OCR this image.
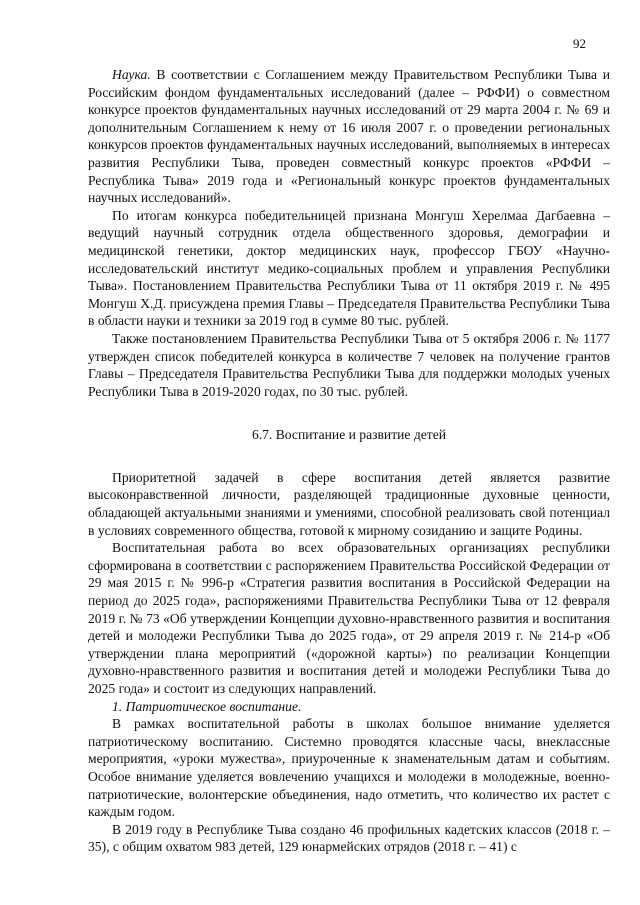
92

Наука. В соответствии с Соглашением между Правительством Республики Тыва и Российским фондом фундаментальных исследований (далее – РФФИ) о совместном конкурсе проектов фундаментальных научных исследований от 29 марта 2004 г. № 69 и дополнительным Соглашением к нему от 16 июля 2007 г. о проведении региональных конкурсов проектов фундаментальных научных исследований, выполняемых в интересах развития Республики Тыва, проведен совместный конкурс проектов «РФФИ – Республика Тыва» 2019 года и «Региональный конкурс проектов фундаментальных научных исследований».

По итогам конкурса победительницей признана Монгуш Херелмаа Дагбаевна – ведущий научный сотрудник отдела общественного здоровья, демографии и медицинской генетики, доктор медицинских наук, профессор ГБОУ «Научно-исследовательский институт медико-социальных проблем и управления Республики Тыва». Постановлением Правительства Республики Тыва от 11 октября 2019 г. № 495 Монгуш Х.Д. присуждена премия Главы – Председателя Правительства Республики Тыва в области науки и техники за 2019 год в сумме 80 тыс. рублей.

Также постановлением Правительства Республики Тыва от 5 октября 2006 г. № 1177 утвержден список победителей конкурса в количестве 7 человек на получение грантов Главы – Председателя Правительства Республики Тыва для поддержки молодых ученых Республики Тыва в 2019-2020 годах, по 30 тыс. рублей.

6.7. Воспитание и развитие детей

Приоритетной задачей в сфере воспитания детей является развитие высоконравственной личности, разделяющей традиционные духовные ценности, обладающей актуальными знаниями и умениями, способной реализовать свой потенциал в условиях современного общества, готовой к мирному созиданию и защите Родины.

Воспитательная работа во всех образовательных организациях республики сформирована в соответствии с распоряжением Правительства Российской Федерации от 29 мая 2015 г. № 996-р «Стратегия развития воспитания в Российской Федерации на период до 2025 года», распоряжениями Правительства Республики Тыва от 12 февраля 2019 г. № 73 «Об утверждении Концепции духовно-нравственного развития и воспитания детей и молодежи Республики Тыва до 2025 года», от 29 апреля 2019 г. № 214-р «Об утверждении плана мероприятий («дорожной карты») по реализации Концепции духовно-нравственного развития и воспитания детей и молодежи Республики Тыва до 2025 года» и состоит из следующих направлений.

1. Патриотическое воспитание.

В рамках воспитательной работы в школах большое внимание уделяется патриотическому воспитанию. Системно проводятся классные часы, внеклассные мероприятия, «уроки мужества», приуроченные к знаменательным датам и событиям. Особое внимание уделяется вовлечению учащихся и молодежи в молодежные, военно-патриотические, волонтерские объединения, надо отметить, что количество их растет с каждым годом.

В 2019 году в Республике Тыва создано 46 профильных кадетских классов (2018 г. – 35), с общим охватом 983 детей, 129 юнармейских отрядов (2018 г. – 41) с
